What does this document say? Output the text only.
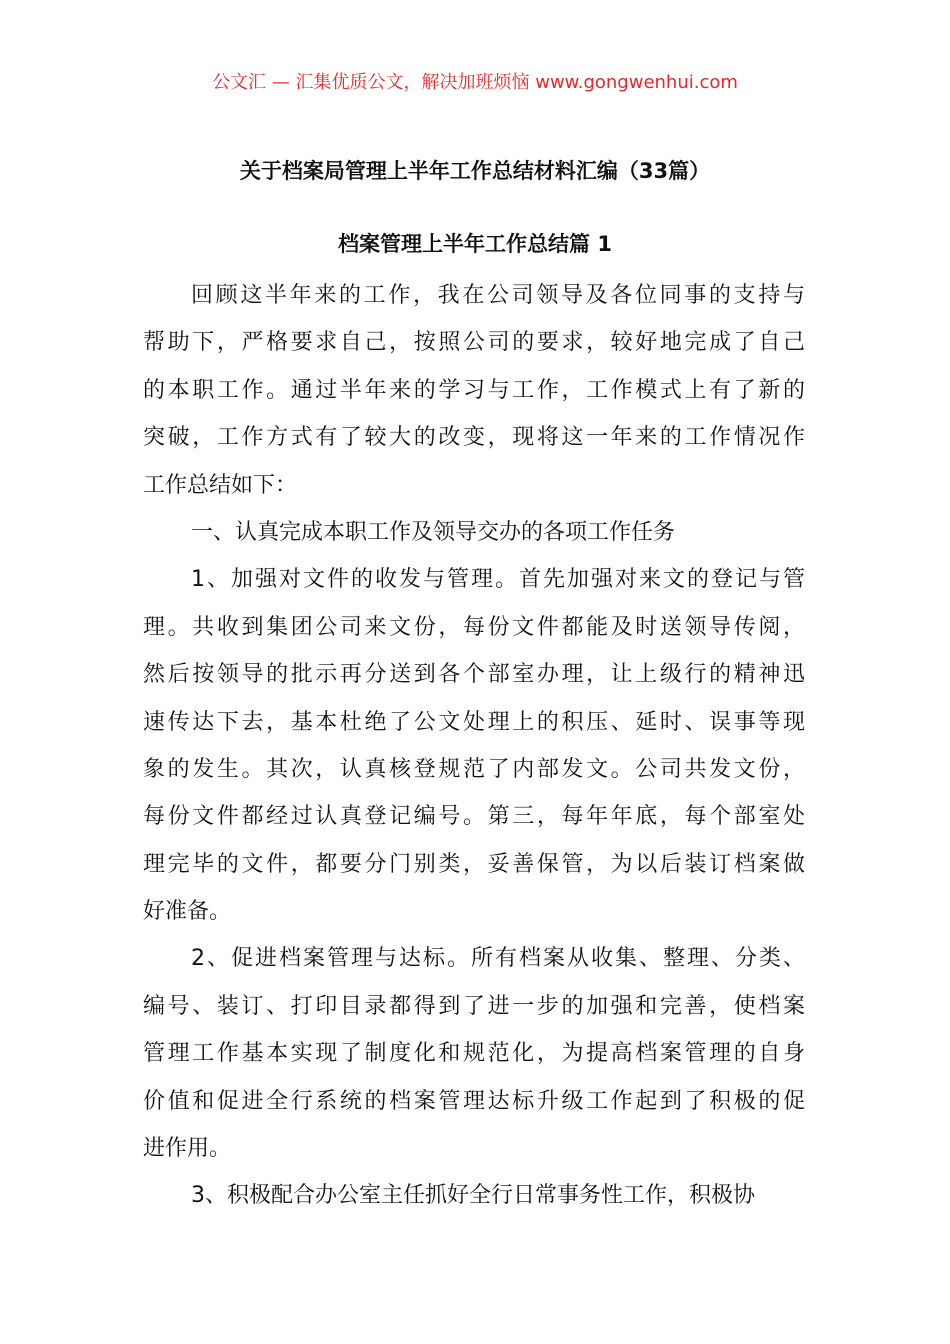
公文汇 — 汇集优质公文，解决加班烦恼 www.gongwenhui.com
关于档案局管理上半年工作总结材料汇编（33篇）
档案管理上半年工作总结篇 1
回顾这半年来的工作，我在公司领导及各位同事的支持与
帮助下，严格要求自己，按照公司的要求，较好地完成了自己
的本职工作。通过半年来的学习与工作，工作模式上有了新的
突破，工作方式有了较大的改变，现将这一年来的工作情况作
工作总结如下：
一、认真完成本职工作及领导交办的各项工作任务
1、加强对文件的收发与管理。首先加强对来文的登记与管
理。共收到集团公司来文份，每份文件都能及时送领导传阅，
然后按领导的批示再分送到各个部室办理，让上级行的精神迅
速传达下去，基本杜绝了公文处理上的积压、延时、误事等现
象的发生。其次，认真核登规范了内部发文。公司共发文份，
每份文件都经过认真登记编号。第三，每年年底，每个部室处
理完毕的文件，都要分门别类，妥善保管，为以后装订档案做
好准备。
2、促进档案管理与达标。所有档案从收集、整理、分类、
编号、装订、打印目录都得到了进一步的加强和完善，使档案
管理工作基本实现了制度化和规范化，为提高档案管理的自身
价值和促进全行系统的档案管理达标升级工作起到了积极的促
进作用。
3、积极配合办公室主任抓好全行日常事务性工作，积极协
